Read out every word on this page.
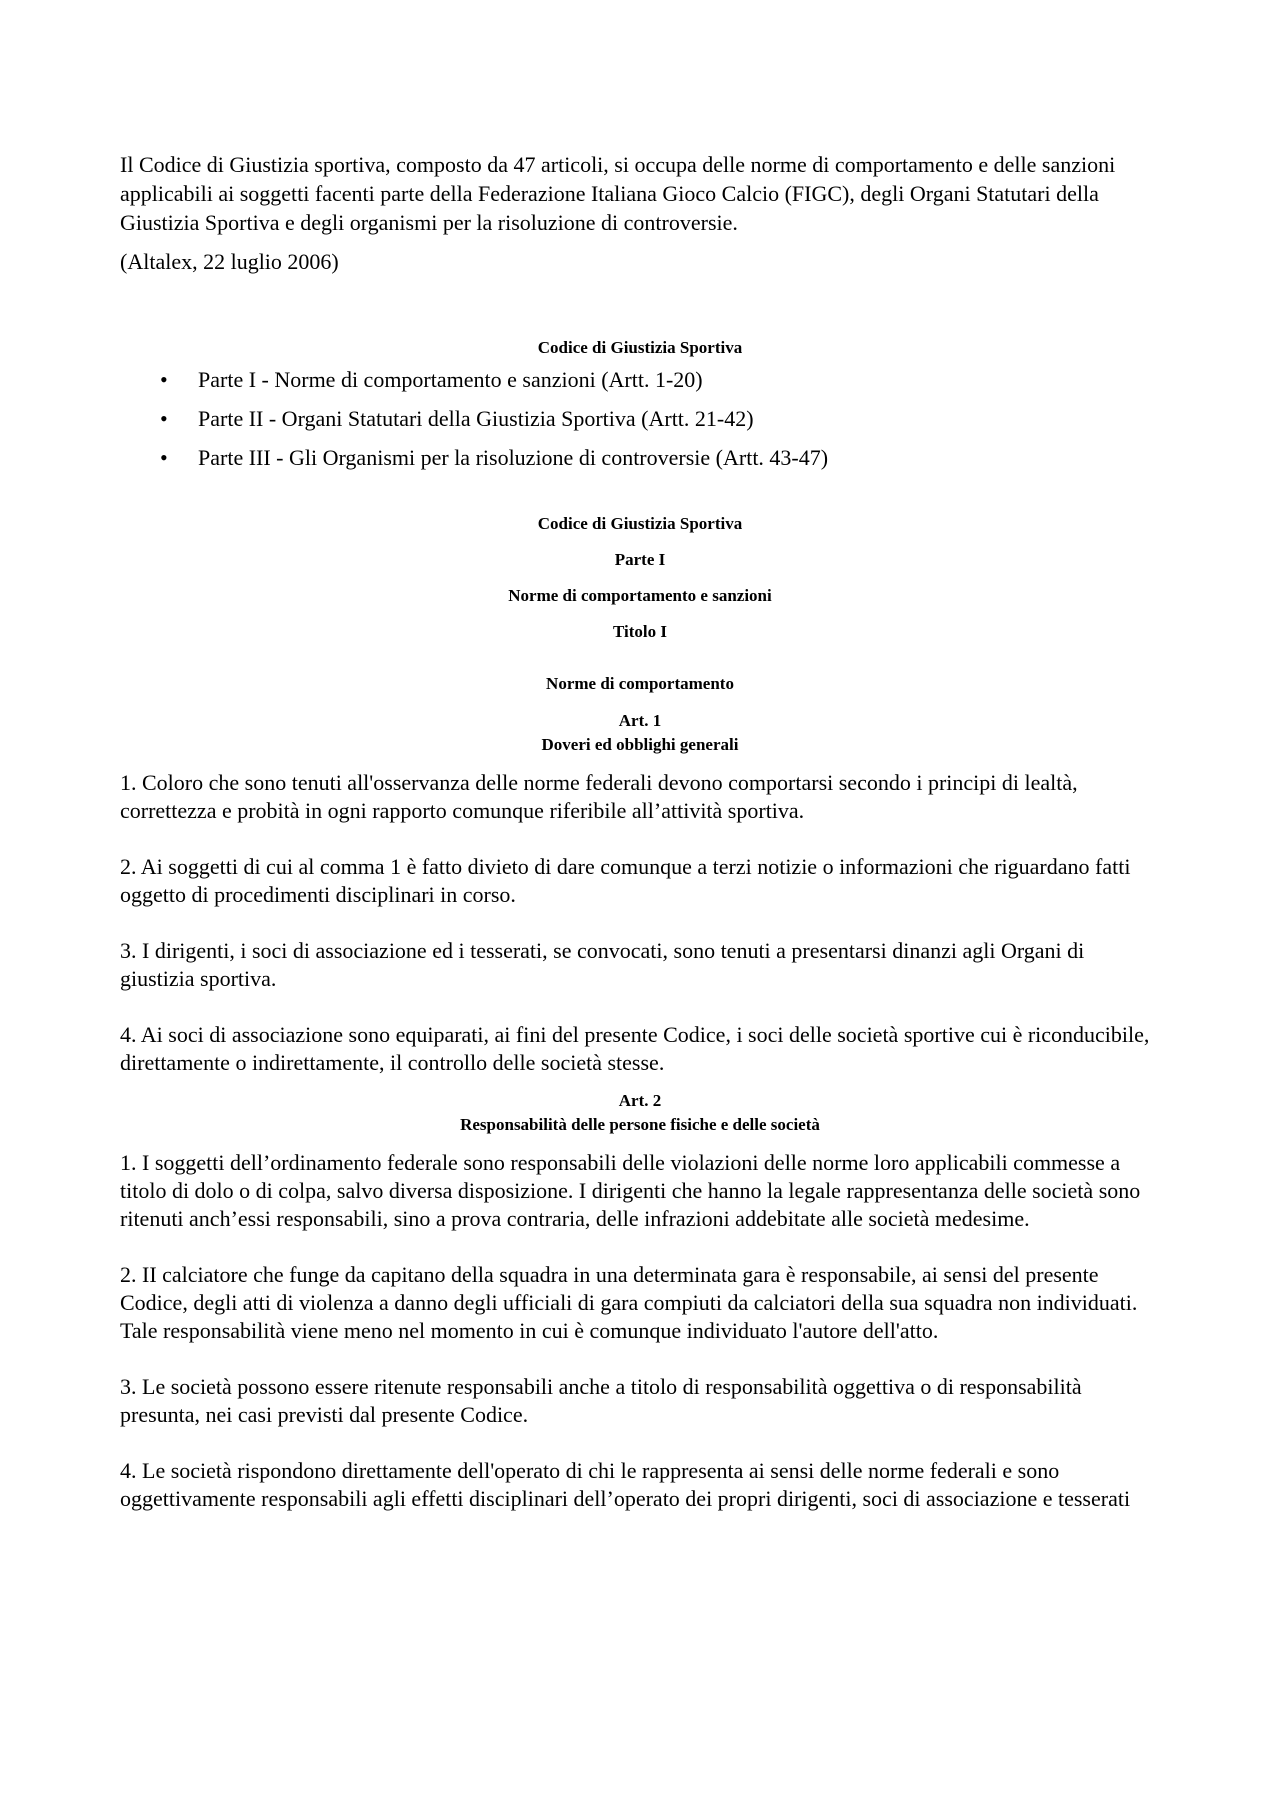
Il Codice di Giustizia sportiva, composto da 47 articoli, si occupa delle norme di comportamento e delle sanzioni applicabili ai soggetti facenti parte della Federazione Italiana Gioco Calcio (FIGC), degli Organi Statutari della Giustizia Sportiva e degli organismi per la risoluzione di controversie.

(Altalex, 22 luglio 2006)

Codice di Giustizia Sportiva
• Parte I - Norme di comportamento e sanzioni (Artt. 1-20)
• Parte II - Organi Statutari della Giustizia Sportiva (Artt. 21-42)
• Parte III - Gli Organismi per la risoluzione di controversie (Artt. 43-47)
Codice di Giustizia Sportiva
Parte I
Norme di comportamento e sanzioni
Titolo I
Norme di comportamento
Art. 1
Doveri ed obblighi generali

1. Coloro che sono tenuti all'osservanza delle norme federali devono comportarsi secondo i principi di lealtà, correttezza e probità in ogni rapporto comunque riferibile all’attività sportiva.

2. Ai soggetti di cui al comma 1 è fatto divieto di dare comunque a terzi notizie o informazioni che riguardano fatti oggetto di procedimenti disciplinari in corso.

3. I dirigenti, i soci di associazione ed i tesserati, se convocati, sono tenuti a presentarsi dinanzi agli Organi di giustizia sportiva.

4. Ai soci di associazione sono equiparati, ai fini del presente Codice, i soci delle società sportive cui è riconducibile, direttamente o indirettamente, il controllo delle società stesse.

Art. 2
Responsabilità delle persone fisiche e delle società

1. I soggetti dell’ordinamento federale sono responsabili delle violazioni delle norme loro applicabili commesse a titolo di dolo o di colpa, salvo diversa disposizione. I dirigenti che hanno la legale rappresentanza delle società sono ritenuti anch’essi responsabili, sino a prova contraria, delle infrazioni addebitate alle società medesime.

2. II calciatore che funge da capitano della squadra in una determinata gara è responsabile, ai sensi del presente Codice, degli atti di violenza a danno degli ufficiali di gara compiuti da calciatori della sua squadra non individuati. Tale responsabilità viene meno nel momento in cui è comunque individuato l'autore dell'atto.

3. Le società possono essere ritenute responsabili anche a titolo di responsabilità oggettiva o di responsabilità presunta, nei casi previsti dal presente Codice.

4. Le società rispondono direttamente dell'operato di chi le rappresenta ai sensi delle norme federali e sono oggettivamente responsabili agli effetti disciplinari dell’operato dei propri dirigenti, soci di associazione e tesserati
